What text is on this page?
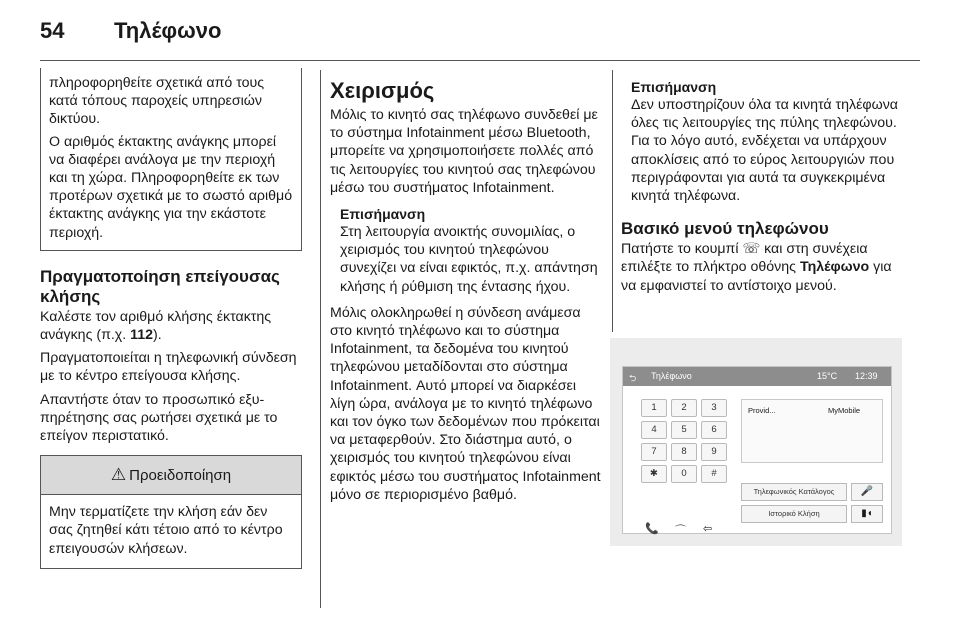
54 Τηλέφωνο

πληροφορηθείτε σχετικά από τους κατά τόπους παροχείς υπηρεσιών δικτύου.

Ο αριθμός έκτακτης ανάγκης μπορεί να διαφέρει ανάλογα με την περιοχή και τη χώρα. Πληροφορηθείτε εκ των προτέρων σχετικά με το σωστό αριθμό έκτακτης ανάγκης για την εκάστοτε περιοχή.

Πραγματοποίηση επείγουσας κλήσης

Καλέστε τον αριθμό κλήσης έκτακτης ανάγκης (π.χ. 112).

Πραγματοποιείται η τηλεφωνική σύνδεση με το κέντρο επείγουσα κλήσης.

Απαντήστε όταν το προσωπικό εξυπηρέτησης σας ρωτήσει σχετικά με το επείγον περιστατικό.

⚠ Προειδοποίηση

Μην τερματίζετε την κλήση εάν δεν σας ζητηθεί κάτι τέτοιο από το κέντρο επειγουσών κλήσεων.

Χειρισμός

Μόλις το κινητό σας τηλέφωνο συνδεθεί με το σύστημα Infotainment μέσω Bluetooth, μπορείτε να χρησιμοποιήσετε πολλές από τις λειτουργίες του κινητού σας τηλεφώνου μέσω του συστήματος Infotainment.

Επισήμανση

Στη λειτουργία ανοικτής συνομιλίας, ο χειρισμός του κινητού τηλεφώνου συνεχίζει να είναι εφικτός, π.χ. απάντηση κλήσης ή ρύθμιση της έντασης ήχου.

Μόλις ολοκληρωθεί η σύνδεση ανάμεσα στο κινητό τηλέφωνο και το σύστημα Infotainment, τα δεδομένα του κινητού τηλεφώνου μεταδίδονται στο σύστημα Infotainment. Αυτό μπορεί να διαρκέσει λίγη ώρα, ανάλογα με το κινητό τηλέφωνο και τον όγκο των δεδομένων που πρόκειται να μεταφερθούν. Στο διάστημα αυτό, ο χειρισμός του κινητού τηλεφώνου είναι εφικτός μέσω του συστήματος Infotainment μόνο σε περιορισμένο βαθμό.

Επισήμανση

Δεν υποστηρίζουν όλα τα κινητά τηλέφωνα όλες τις λειτουργίες της πύλης τηλεφώνου. Για το λόγο αυτό, ενδέχεται να υπάρχουν αποκλίσεις από το εύρος λειτουργιών που περιγράφονται για αυτά τα συγκεκριμένα κινητά τηλέφωνα.

Βασικό μενού τηλεφώνου

Πατήστε το κουμπί ☏ και στη συνέχεια επιλέξτε το πλήκτρο οθόνης Τηλέφωνο για να εμφανιστεί το αντίστοιχο μενού.

⮌ Τηλέφωνο	15°C 12:39
1	2	3
4	5	6
7	8	9
✱	0	#
Provid...	MyMobile
Τηλεφωνικός Κατάλογος	🎤
Ιστορικό Κλήση	▮◖
📞 ⌒ ⇦
